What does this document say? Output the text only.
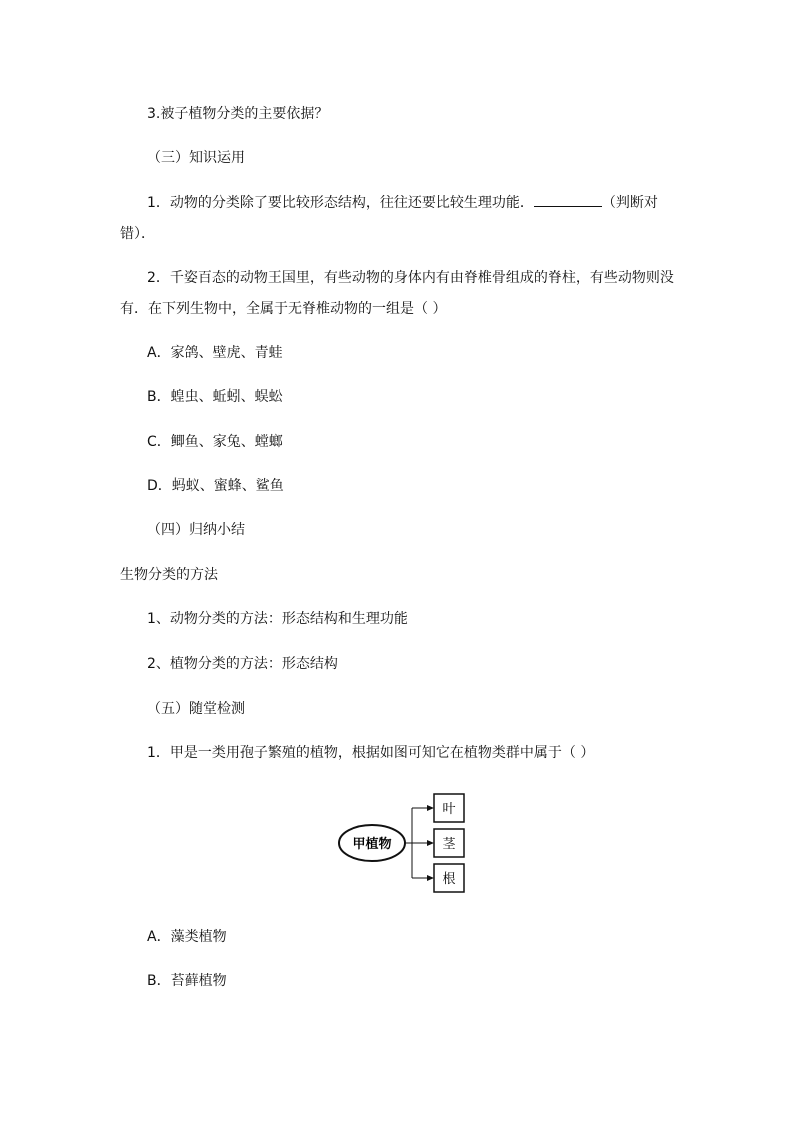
3.被子植物分类的主要依据？
（三）知识运用
1．动物的分类除了要比较形态结构，往往还要比较生理功能．	（判断对
错）．
2．千姿百态的动物王国里，有些动物的身体内有由脊椎骨组成的脊柱，有些动物则没
有．在下列生物中，全属于无脊椎动物的一组是（ ）
A．家鸽、壁虎、青蛙
B．蝗虫、蚯蚓、蜈蚣
C．鲫鱼、家兔、螳螂
D．蚂蚁、蜜蜂、鲨鱼
（四）归纳小结
生物分类的方法
1、动物分类的方法：形态结构和生理功能
2、植物分类的方法：形态结构
（五）随堂检测
1．甲是一类用孢子繁殖的植物，根据如图可知它在植物类群中属于（ ）
甲植物
叶
茎
根
A．藻类植物
B．苔藓植物
